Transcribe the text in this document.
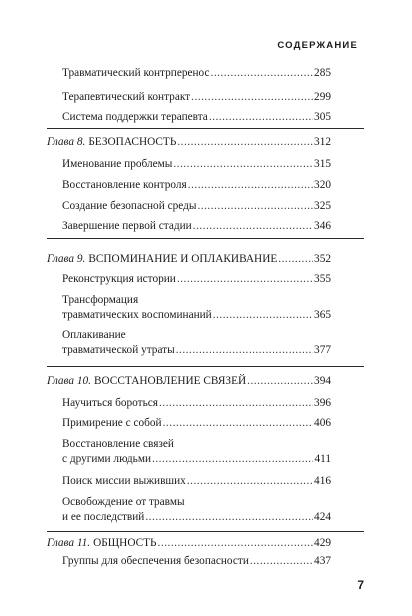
СОДЕРЖАНИЕ
Травматический контрперенос .....	285
Терапевтический контракт .....	299
Система поддержки терапевта .....	305
Глава 8. БЕЗОПАСНОСТЬ .....	312
Именование проблемы .....	315
Восстановление контроля .....	320
Создание безопасной среды .....	325
Завершение первой стадии .....	346
Глава 9. ВСПОМИНАНИЕ И ОПЛАКИВАНИЕ .....	352
Реконструкция истории .....	355
Трансформация
травматических воспоминаний .....	365
Оплакивание
травматической утраты .....	377
Глава 10. ВОССТАНОВЛЕНИЕ СВЯЗЕЙ .....	394
Научиться бороться .....	396
Примирение с собой .....	406
Восстановление связей
с другими людьми .....	411
Поиск миссии выживших .....	416
Освобождение от травмы
и ее последствий .....	424
Глава 11. ОБЩНОСТЬ .....	429
Группы для обеспечения безопасности .....	437
7
